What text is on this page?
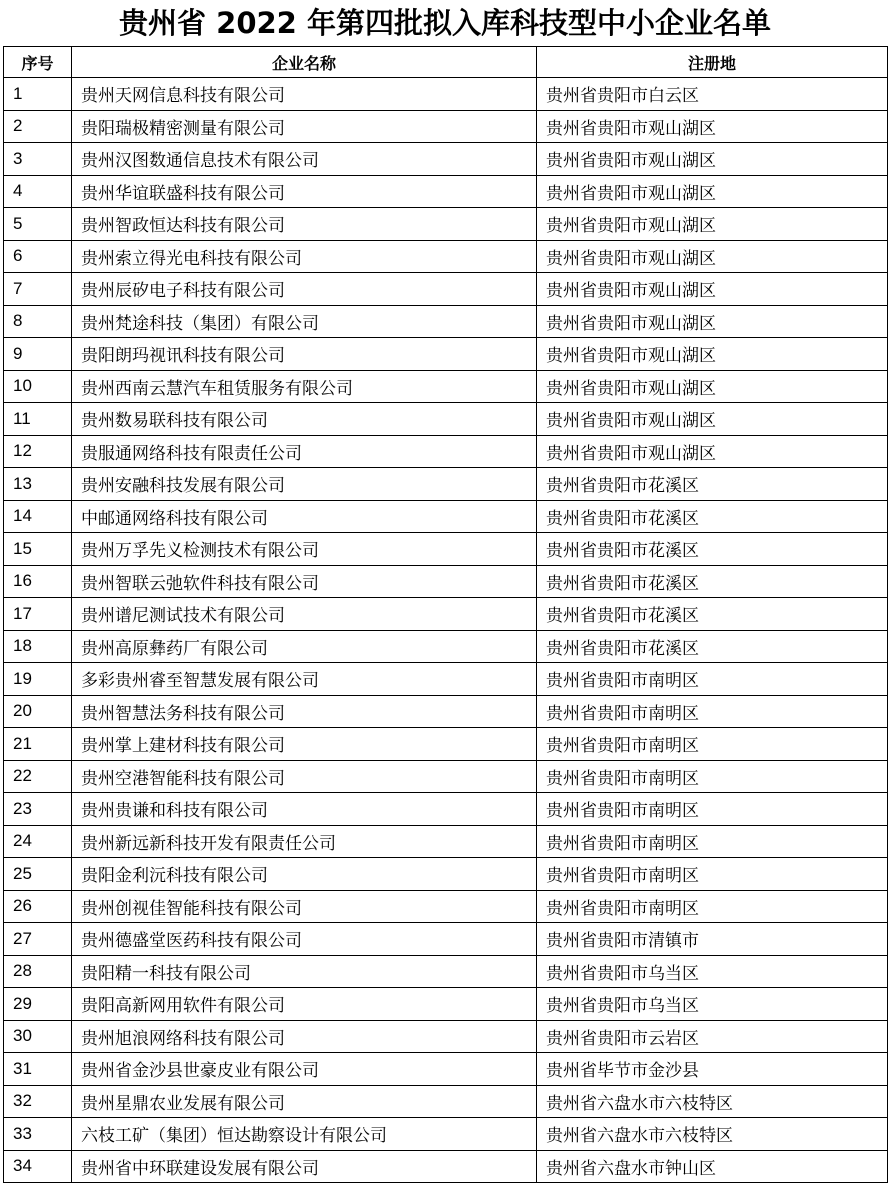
贵州省 2022 年第四批拟入库科技型中小企业名单
序号	企业名称	注册地
1	贵州天网信息科技有限公司	贵州省贵阳市白云区
2	贵阳瑞极精密测量有限公司	贵州省贵阳市观山湖区
3	贵州汉图数通信息技术有限公司	贵州省贵阳市观山湖区
4	贵州华谊联盛科技有限公司	贵州省贵阳市观山湖区
5	贵州智政恒达科技有限公司	贵州省贵阳市观山湖区
6	贵州索立得光电科技有限公司	贵州省贵阳市观山湖区
7	贵州辰矽电子科技有限公司	贵州省贵阳市观山湖区
8	贵州梵途科技（集团）有限公司	贵州省贵阳市观山湖区
9	贵阳朗玛视讯科技有限公司	贵州省贵阳市观山湖区
10	贵州西南云慧汽车租赁服务有限公司	贵州省贵阳市观山湖区
11	贵州数易联科技有限公司	贵州省贵阳市观山湖区
12	贵服通网络科技有限责任公司	贵州省贵阳市观山湖区
13	贵州安融科技发展有限公司	贵州省贵阳市花溪区
14	中邮通网络科技有限公司	贵州省贵阳市花溪区
15	贵州万孚先义检测技术有限公司	贵州省贵阳市花溪区
16	贵州智联云弛软件科技有限公司	贵州省贵阳市花溪区
17	贵州谱尼测试技术有限公司	贵州省贵阳市花溪区
18	贵州高原彝药厂有限公司	贵州省贵阳市花溪区
19	多彩贵州睿至智慧发展有限公司	贵州省贵阳市南明区
20	贵州智慧法务科技有限公司	贵州省贵阳市南明区
21	贵州掌上建材科技有限公司	贵州省贵阳市南明区
22	贵州空港智能科技有限公司	贵州省贵阳市南明区
23	贵州贵谦和科技有限公司	贵州省贵阳市南明区
24	贵州新远新科技开发有限责任公司	贵州省贵阳市南明区
25	贵阳金利沅科技有限公司	贵州省贵阳市南明区
26	贵州创视佳智能科技有限公司	贵州省贵阳市南明区
27	贵州德盛堂医药科技有限公司	贵州省贵阳市清镇市
28	贵阳精一科技有限公司	贵州省贵阳市乌当区
29	贵阳高新网用软件有限公司	贵州省贵阳市乌当区
30	贵州旭浪网络科技有限公司	贵州省贵阳市云岩区
31	贵州省金沙县世豪皮业有限公司	贵州省毕节市金沙县
32	贵州星鼎农业发展有限公司	贵州省六盘水市六枝特区
33	六枝工矿（集团）恒达勘察设计有限公司	贵州省六盘水市六枝特区
34	贵州省中环联建设发展有限公司	贵州省六盘水市钟山区
